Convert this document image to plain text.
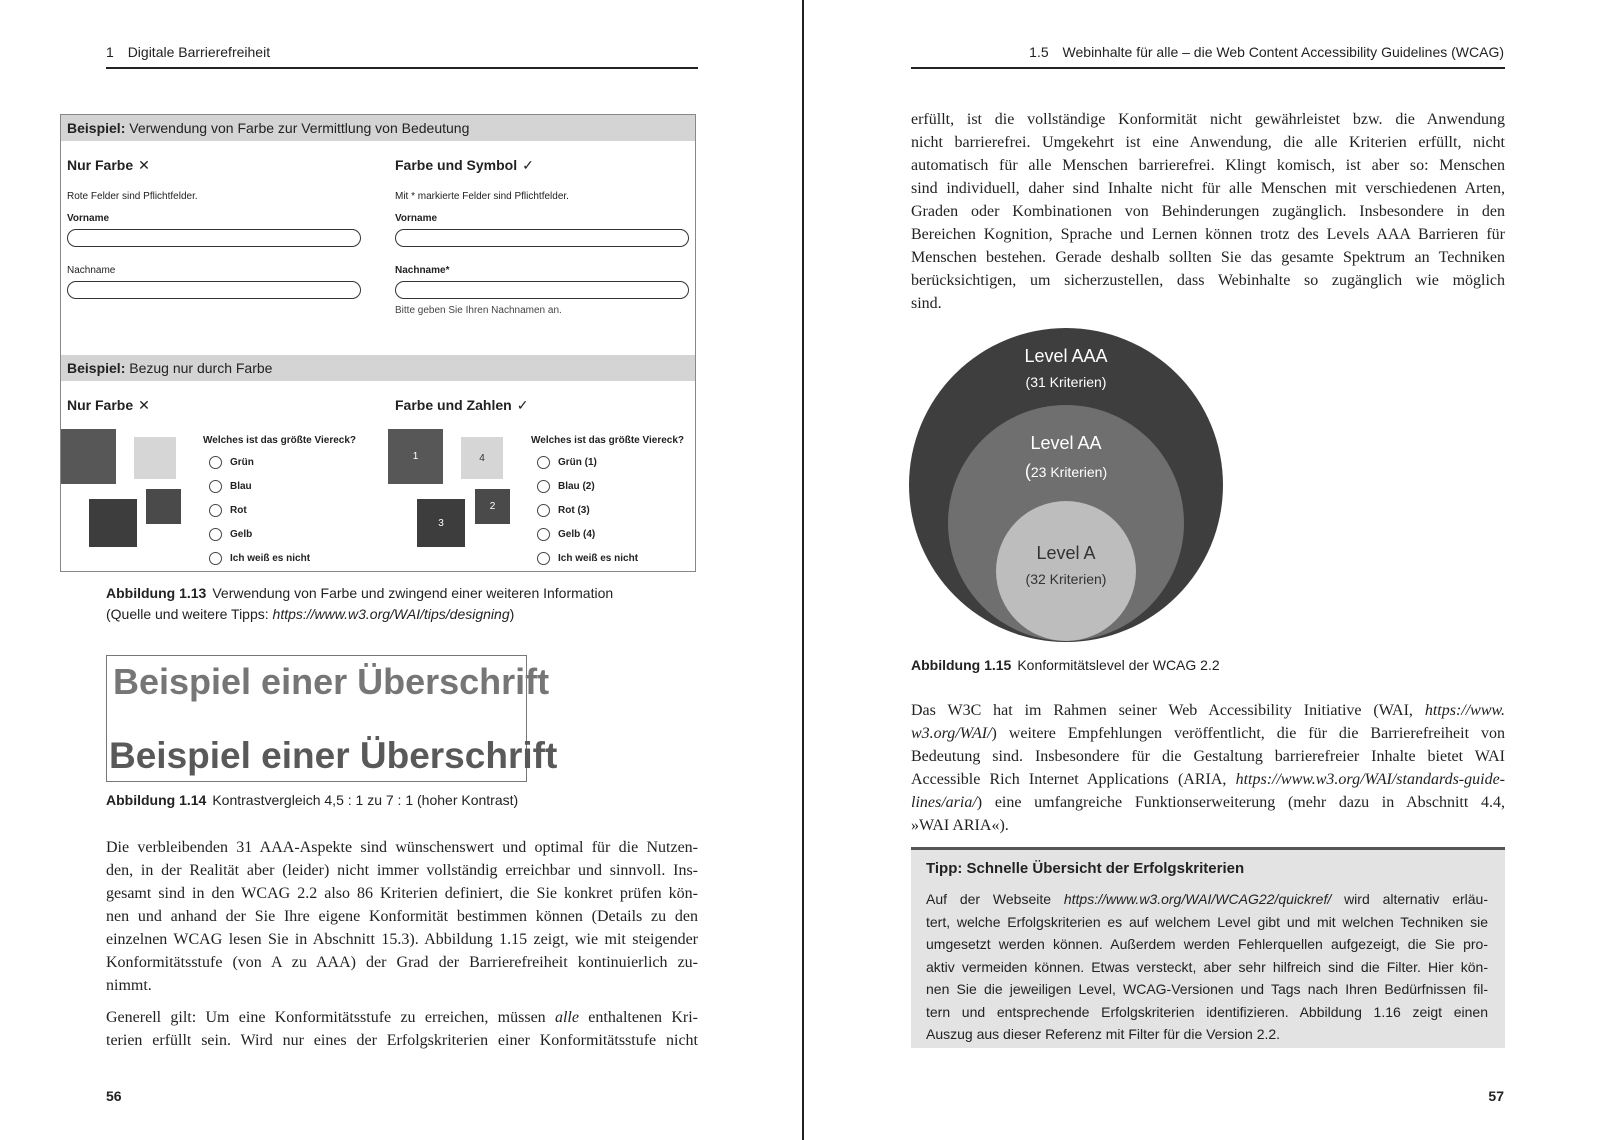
1 Digitale Barrierefreiheit
Beispiel: Verwendung von Farbe zur Vermittlung von Bedeutung
Nur Farbe ✕
Rote Felder sind Pflichtfelder.
Vorname
Nachname
Farbe und Symbol ✓
Mit * markierte Felder sind Pflichtfelder.
Vorname
Nachname*
Bitte geben Sie Ihren Nachnamen an.
Beispiel: Bezug nur durch Farbe
Nur Farbe ✕
Welches ist das größte Viereck?
Grün
Blau
Rot
Gelb
Ich weiß es nicht
Farbe und Zahlen ✓
1	4
2
3
Welches ist das größte Viereck?
Grün (1)
Blau (2)
Rot (3)
Gelb (4)
Ich weiß es nicht
Abbildung 1.13 Verwendung von Farbe und zwingend einer weiteren Information
(Quelle und weitere Tipps: https://www.w3.org/WAI/tips/designing)
Beispiel einer Überschrift
Beispiel einer Überschrift
Abbildung 1.14 Kontrastvergleich 4,5 : 1 zu 7 : 1 (hoher Kontrast)
Die verbleibenden 31 AAA-Aspekte sind wünschenswert und optimal für die Nutzen-
den, in der Realität aber (leider) nicht immer vollständig erreichbar und sinnvoll. Ins-
gesamt sind in den WCAG 2.2 also 86 Kriterien definiert, die Sie konkret prüfen kön-
nen und anhand der Sie Ihre eigene Konformität bestimmen können (Details zu den
einzelnen WCAG lesen Sie in Abschnitt 15.3). Abbildung 1.15 zeigt, wie mit steigender
Konformitätsstufe (von A zu AAA) der Grad der Barrierefreiheit kontinuierlich zu-
nimmt.
Generell gilt: Um eine Konformitätsstufe zu erreichen, müssen alle enthaltenen Kri-
terien erfüllt sein. Wird nur eines der Erfolgskriterien einer Konformitätsstufe nicht
56
1.5 Webinhalte für alle – die Web Content Accessibility Guidelines (WCAG)
erfüllt, ist die vollständige Konformität nicht gewährleistet bzw. die Anwendung
nicht barrierefrei. Umgekehrt ist eine Anwendung, die alle Kriterien erfüllt, nicht
automatisch für alle Menschen barrierefrei. Klingt komisch, ist aber so: Menschen
sind individuell, daher sind Inhalte nicht für alle Menschen mit verschiedenen Arten,
Graden oder Kombinationen von Behinderungen zugänglich. Insbesondere in den
Bereichen Kognition, Sprache und Lernen können trotz des Levels AAA Barrieren für
Menschen bestehen. Gerade deshalb sollten Sie das gesamte Spektrum an Techniken
berücksichtigen, um sicherzustellen, dass Webinhalte so zugänglich wie möglich
sind.
Level AAA
(31 Kriterien)
Level AA
(23 Kriterien)
Level A
(32 Kriterien)
Abbildung 1.15 Konformitätslevel der WCAG 2.2
Das W3C hat im Rahmen seiner Web Accessibility Initiative (WAI, https://www.
w3.org/WAI/) weitere Empfehlungen veröffentlicht, die für die Barrierefreiheit von
Bedeutung sind. Insbesondere für die Gestaltung barrierefreier Inhalte bietet WAI
Accessible Rich Internet Applications (ARIA, https://www.w3.org/WAI/standards-guide-
lines/aria/) eine umfangreiche Funktionserweiterung (mehr dazu in Abschnitt 4.4,
»WAI ARIA«).
Tipp: Schnelle Übersicht der Erfolgskriterien
Auf der Webseite https://www.w3.org/WAI/WCAG22/quickref/ wird alternativ erläu-
tert, welche Erfolgskriterien es auf welchem Level gibt und mit welchen Techniken sie
umgesetzt werden können. Außerdem werden Fehlerquellen aufgezeigt, die Sie pro-
aktiv vermeiden können. Etwas versteckt, aber sehr hilfreich sind die Filter. Hier kön-
nen Sie die jeweiligen Level, WCAG-Versionen und Tags nach Ihren Bedürfnissen fil-
tern und entsprechende Erfolgskriterien identifizieren. Abbildung 1.16 zeigt einen
Auszug aus dieser Referenz mit Filter für die Version 2.2.
57
